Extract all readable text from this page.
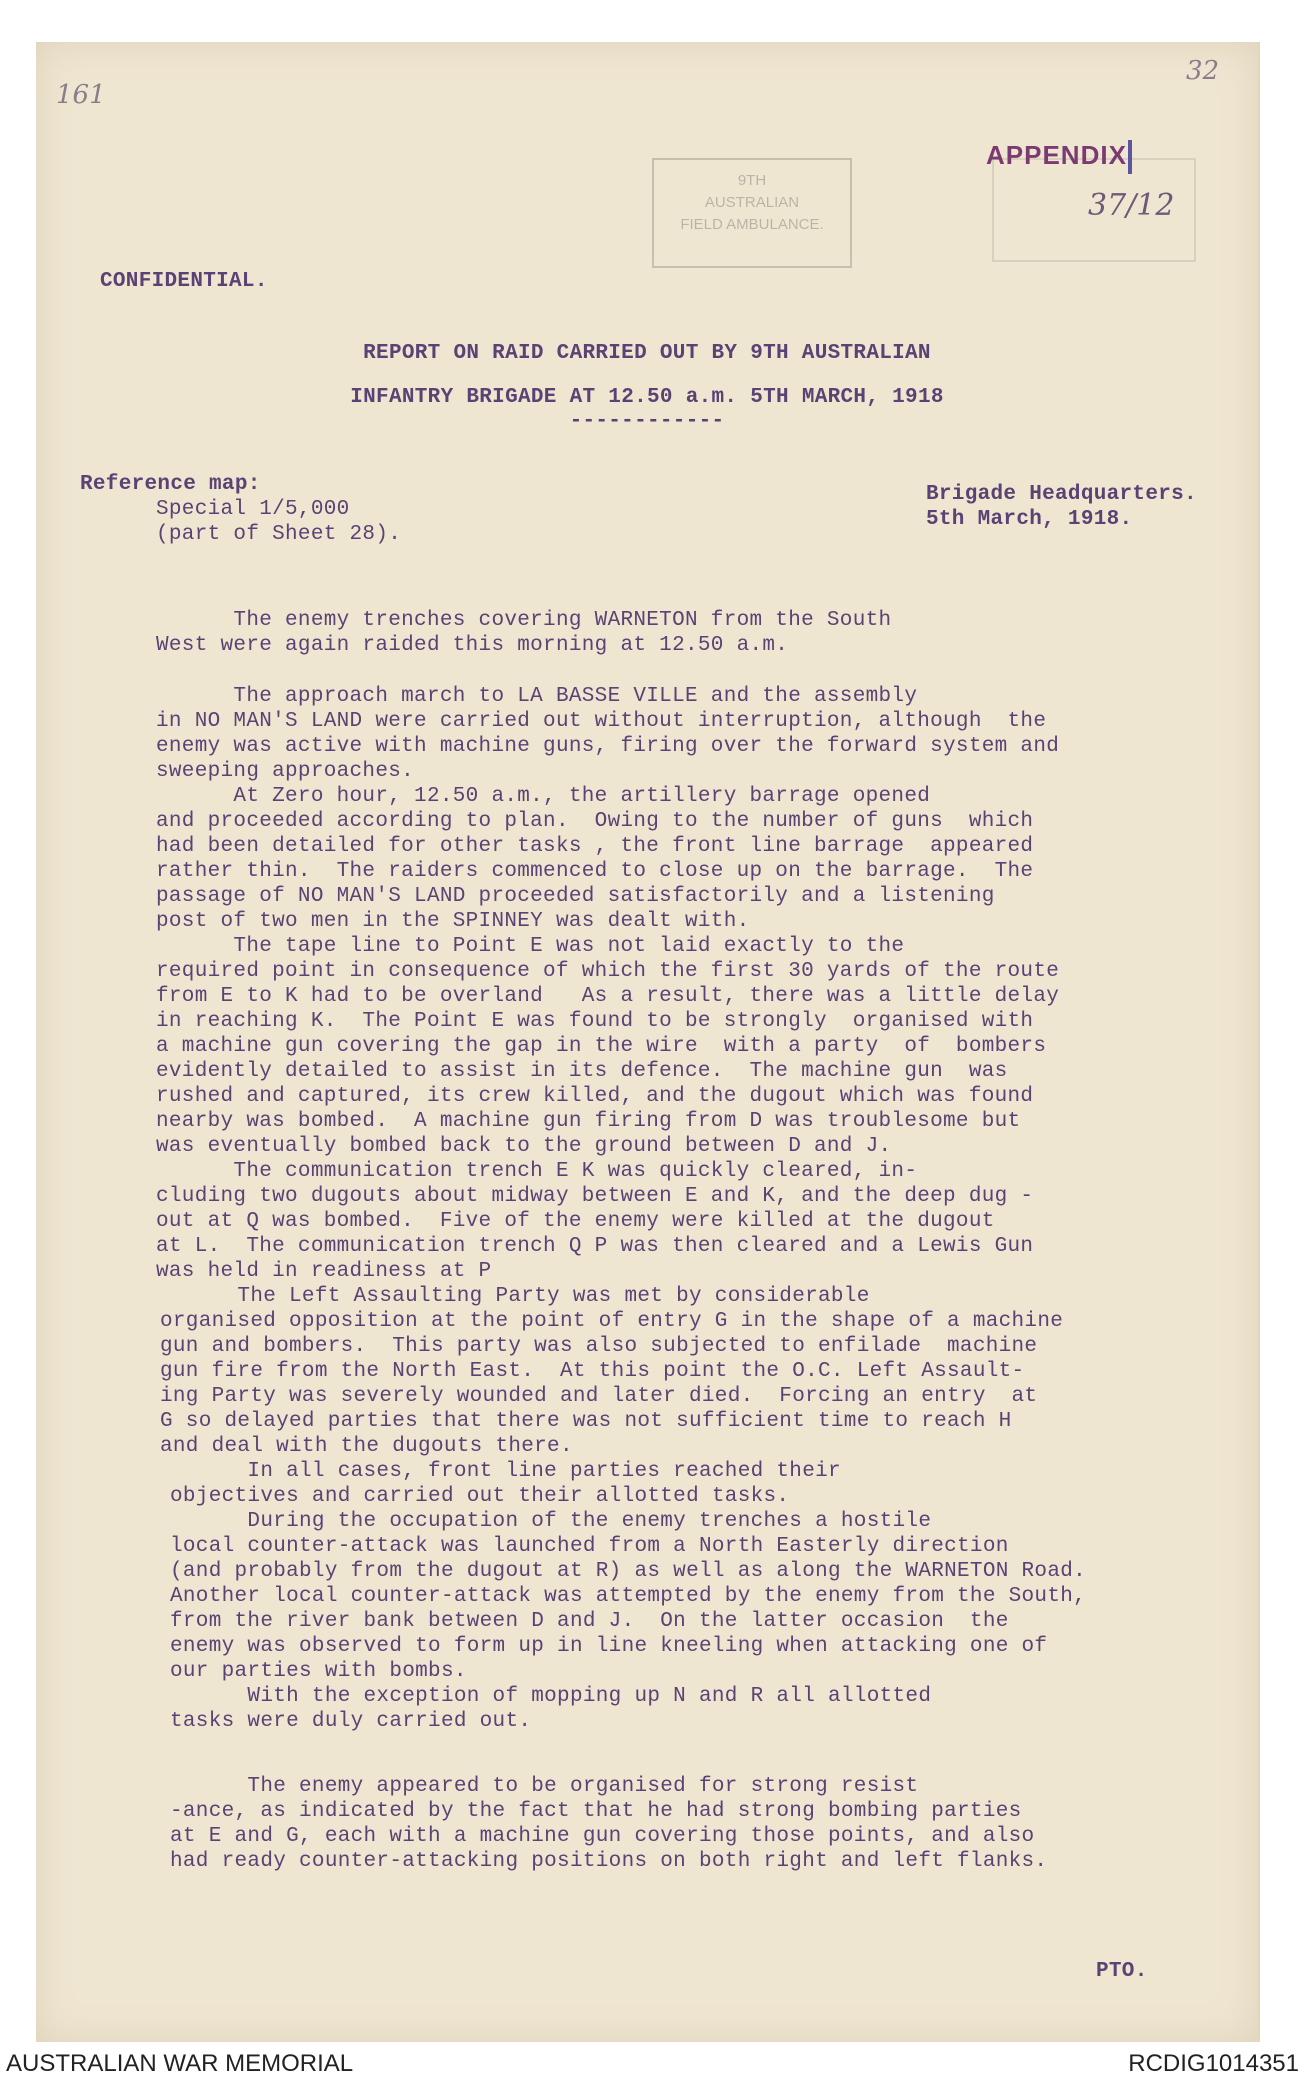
161
32
9TH
AUSTRALIAN
FIELD AMBULANCE.
APPENDIX
37/12
CONFIDENTIAL.
REPORT ON RAID CARRIED OUT BY 9TH AUSTRALIAN
INFANTRY BRIGADE AT 12.50 a.m. 5TH MARCH, 1918
------------
Reference map:
Special 1/5,000
(part of Sheet 28).
Brigade Headquarters.
5th March, 1918.

The enemy trenches covering WARNETON from the South

West were again raided this morning at 12.50 a.m.

The approach march to LA BASSE VILLE and the assembly

in NO MAN'S LAND were carried out without interruption, although  the

enemy was active with machine guns, firing over the forward system and

sweeping approaches.

At Zero hour, 12.50 a.m., the artillery barrage opened

and proceeded according to plan.  Owing to the number of guns  which

had been detailed for other tasks , the front line barrage  appeared

rather thin.  The raiders commenced to close up on the barrage.  The

passage of NO MAN'S LAND proceeded satisfactorily and a listening

post of two men in the SPINNEY was dealt with.

The tape line to Point E was not laid exactly to the

required point in consequence of which the first 30 yards of the route

from E to K had to be overland   As a result, there was a little delay

in reaching K.  The Point E was found to be strongly  organised with

a machine gun covering the gap in the wire  with a party  of  bombers

evidently detailed to assist in its defence.  The machine gun  was

rushed and captured, its crew killed, and the dugout which was found

nearby was bombed.  A machine gun firing from D was troublesome but

was eventually bombed back to the ground between D and J.

The communication trench E K was quickly cleared, in-

cluding two dugouts about midway between E and K, and the deep dug -

out at Q was bombed.  Five of the enemy were killed at the dugout

at L.  The communication trench Q P was then cleared and a Lewis Gun

was held in readiness at P

The Left Assaulting Party was met by considerable

organised opposition at the point of entry G in the shape of a machine

gun and bombers.  This party was also subjected to enfilade  machine

gun fire from the North East.  At this point the O.C. Left Assault-

ing Party was severely wounded and later died.  Forcing an entry  at

G so delayed parties that there was not sufficient time to reach H

and deal with the dugouts there.

In all cases, front line parties reached their

objectives and carried out their allotted tasks.

During the occupation of the enemy trenches a hostile

local counter-attack was launched from a North Easterly direction

(and probably from the dugout at R) as well as along the WARNETON Road.

Another local counter-attack was attempted by the enemy from the South,

from the river bank between D and J.  On the latter occasion  the

enemy was observed to form up in line kneeling when attacking one of

our parties with bombs.

With the exception of mopping up N and R all allotted

tasks were duly carried out.

The enemy appeared to be organised for strong resist

-ance, as indicated by the fact that he had strong bombing parties

at E and G, each with a machine gun covering those points, and also

had ready counter-attacking positions on both right and left flanks.

PTO.
AUSTRALIAN WAR MEMORIAL	RCDIG1014351
